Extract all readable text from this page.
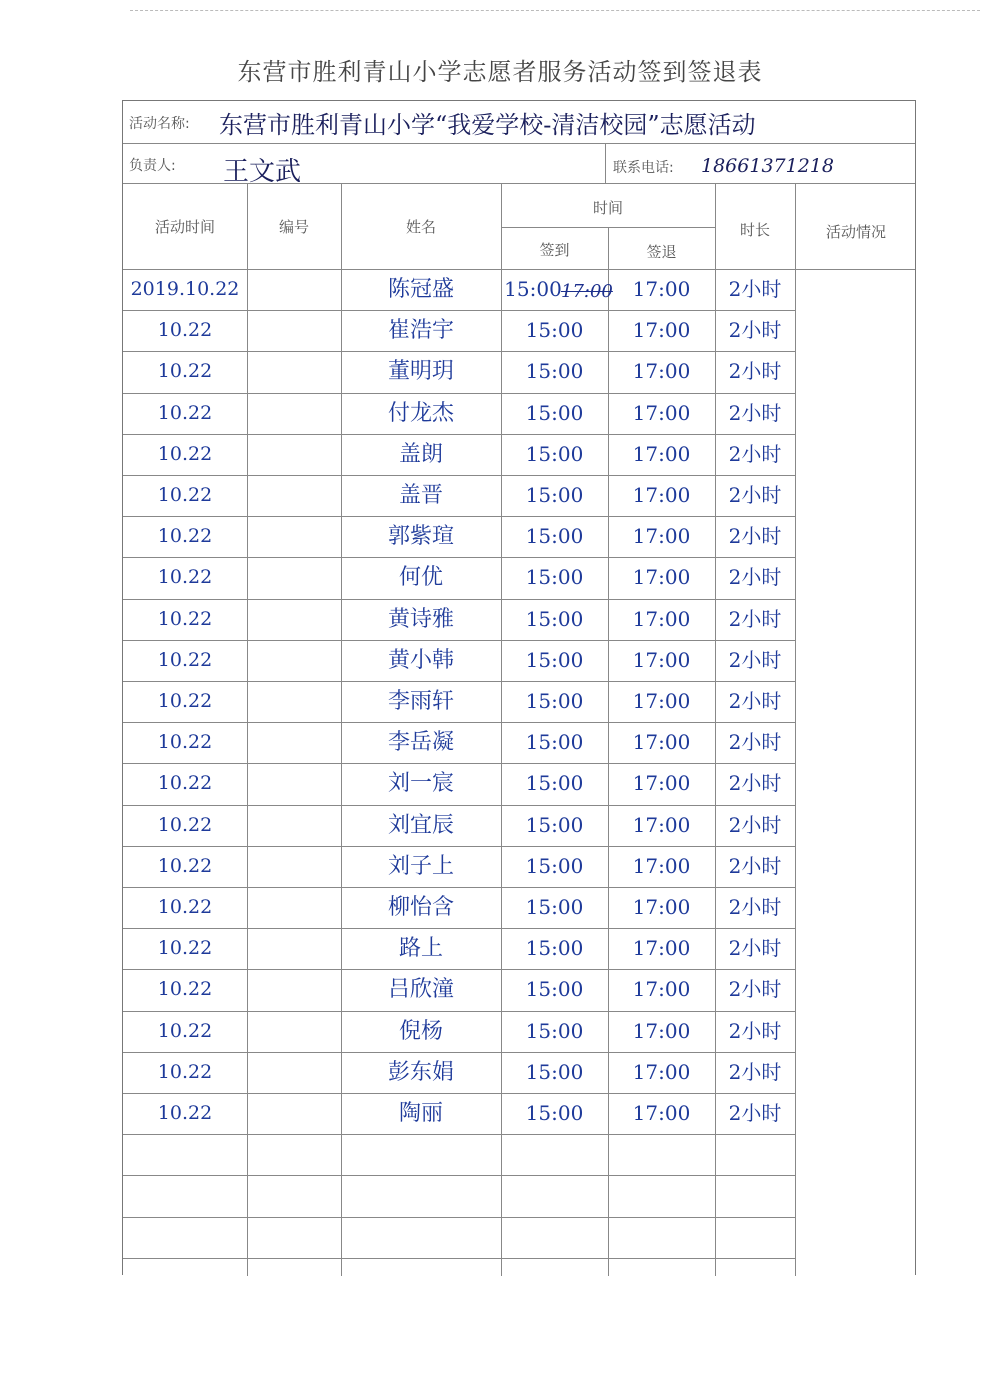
东营市胜利青山小学志愿者服务活动签到签退表
活动名称: 东营市胜利青山小学“我爱学校-清洁校园”志愿活动
负责人: 王文武	联系电话: 18661371218
活动时间	编号	姓名
时间
签到	签退
时长	活动情况
17:00
2019.10.22	陈冠盛	15:00	17:00	2小时
10.22	崔浩宇	15:00	17:00	2小时
10.22	董明玥	15:00	17:00	2小时
10.22	付龙杰	15:00	17:00	2小时
10.22	盖朗	15:00	17:00	2小时
10.22	盖晋	15:00	17:00	2小时
10.22	郭紫瑄	15:00	17:00	2小时
10.22	何优	15:00	17:00	2小时
10.22	黄诗雅	15:00	17:00	2小时
10.22	黄小韩	15:00	17:00	2小时
10.22	李雨轩	15:00	17:00	2小时
10.22	李岳凝	15:00	17:00	2小时
10.22	刘一宸	15:00	17:00	2小时
10.22	刘宜辰	15:00	17:00	2小时
10.22	刘子上	15:00	17:00	2小时
10.22	柳怡含	15:00	17:00	2小时
10.22	路上	15:00	17:00	2小时
10.22	吕欣潼	15:00	17:00	2小时
10.22	倪杨	15:00	17:00	2小时
10.22	彭东娟	15:00	17:00	2小时
10.22	陶丽	15:00	17:00	2小时
